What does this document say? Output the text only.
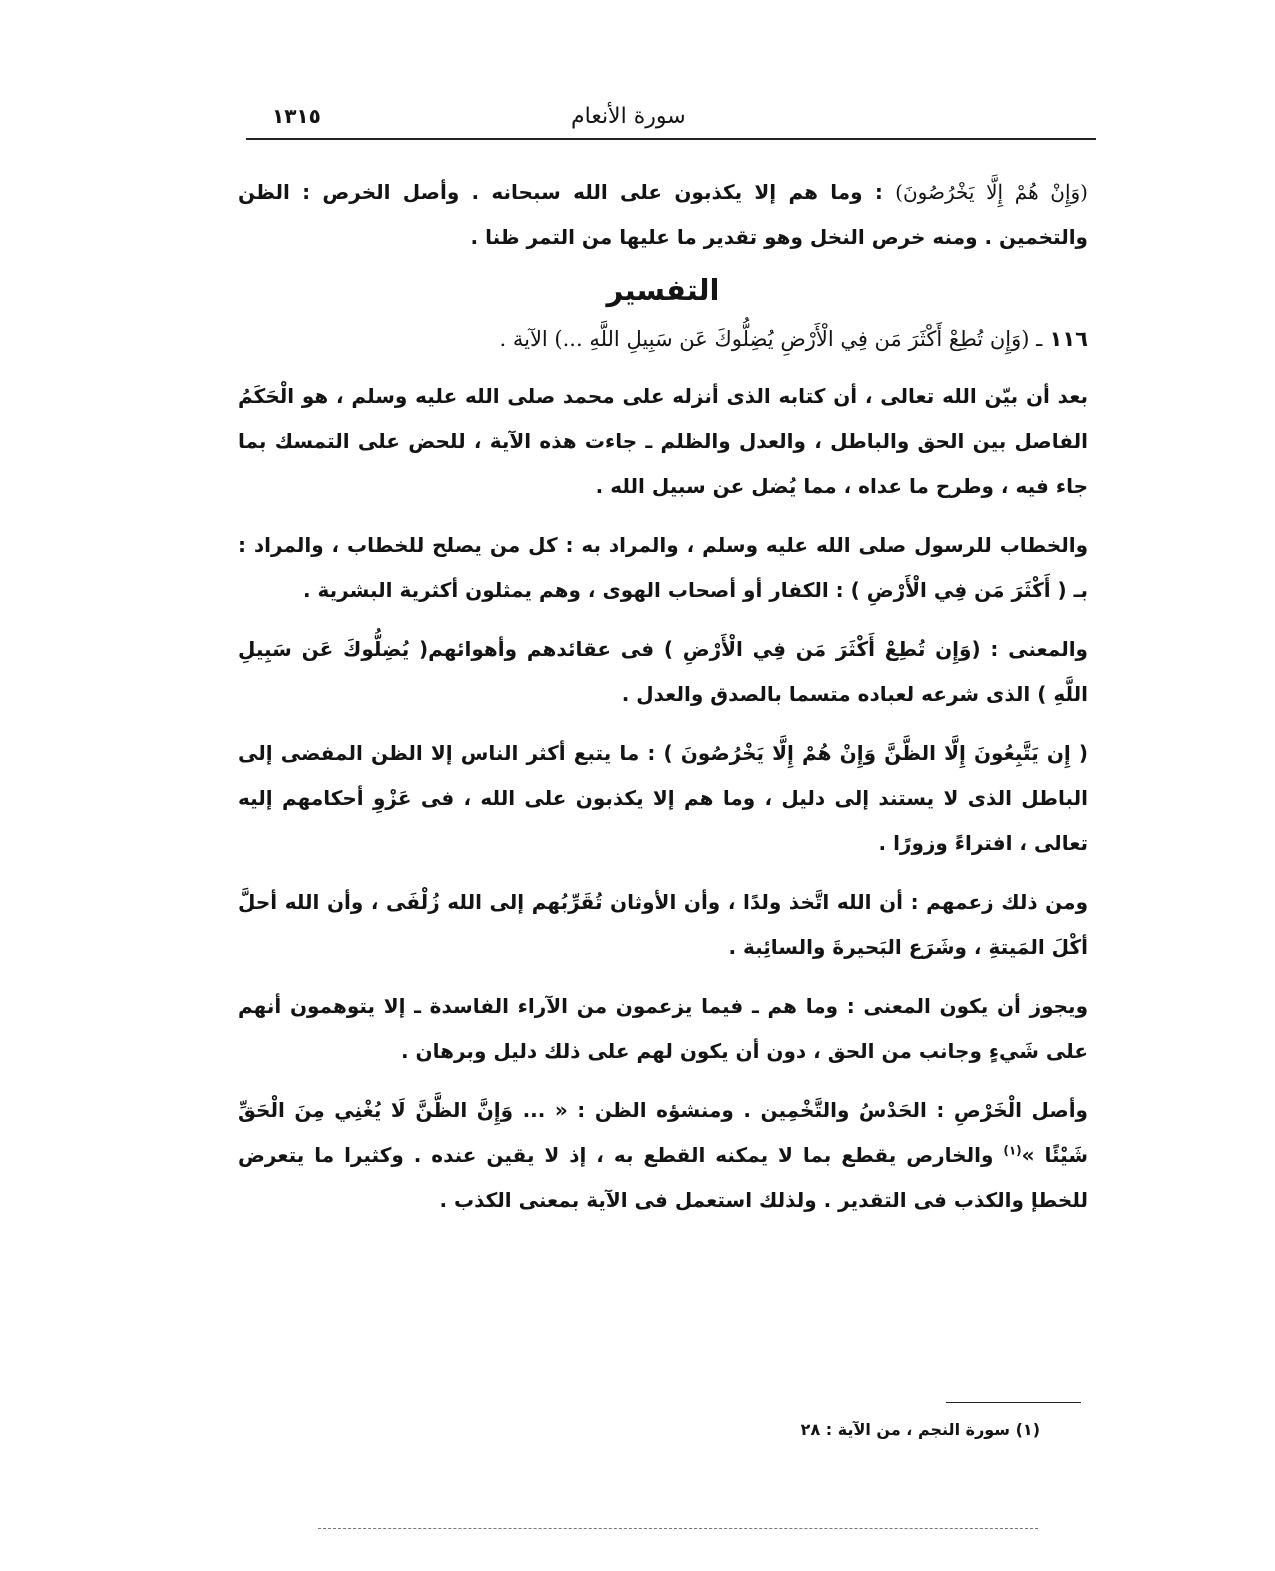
١٣١٥	سورة الأنعام

(وَإِنْ هُمْ إِلَّا يَخْرُصُونَ) : وما هم إلا يكذبون على الله سبحانه . وأصل الخرص : الظن والتخمين . ومنه خرص النخل وهو تقدير ما عليها من التمر ظنا .

التفسير

١١٦ ـ (وَإِن تُطِعْ أَكْثَرَ مَن فِي الْأَرْضِ يُضِلُّوكَ عَن سَبِيلِ اللَّهِ ...) الآية .

بعد أن بيّن الله تعالى ، أن كتابه الذى أنزله على محمد صلى الله عليه وسلم ، هو الْحَكَمُ الفاصل بين الحق والباطل ، والعدل والظلم ـ جاءت هذه الآية ، للحض على التمسك بما جاء فيه ، وطرح ما عداه ، مما يُضل عن سبيل الله .

والخطاب للرسول صلى الله عليه وسلم ، والمراد به : كل من يصلح للخطاب ، والمراد : بـ ( أَكْثَرَ مَن فِي الْأَرْضِ ) : الكفار أو أصحاب الهوى ، وهم يمثلون أكثرية البشرية .

والمعنى : (وَإِن تُطِعْ أَكْثَرَ مَن فِي الْأَرْضِ ) فى عقائدهم وأهوائهم( يُضِلُّوكَ عَن سَبِيلِ اللَّهِ ) الذى شرعه لعباده متسما بالصدق والعدل .

( إِن يَتَّبِعُونَ إِلَّا الظَّنَّ وَإِنْ هُمْ إِلَّا يَخْرُصُونَ ) : ما يتبع أكثر الناس إلا الظن المفضى إلى الباطل الذى لا يستند إلى دليل ، وما هم إلا يكذبون على الله ، فى عَزْوِ أحكامهم إليه تعالى ، افتراءً وزورًا .

ومن ذلك زعمهم : أن الله اتَّخذ ولدًا ، وأن الأوثان تُقَرِّبُهم إلى الله زُلْفَى ، وأن الله أحلَّ أكْلَ المَيتةِ ، وشَرَع البَحيرةَ والسائِبة .

ويجوز أن يكون المعنى : وما هم ـ فيما يزعمون من الآراء الفاسدة ـ إلا يتوهمون أنهم على شَيءٍ وجانب من الحق ، دون أن يكون لهم على ذلك دليل وبرهان .

وأصل الْخَرْصِ : الحَدْسُ والتَّخْمِين . ومنشؤه الظن : « ... وَإِنَّ الظَّنَّ لَا يُغْنِي مِنَ الْحَقِّ شَيْئًا »$^{(١)}$ والخارص يقطع بما لا يمكنه القطع به ، إذ لا يقين عنده . وكثيرا ما يتعرض للخطإ والكذب فى التقدير . ولذلك استعمل فى الآية بمعنى الكذب .

(١) سورة النجم ، من الآية : ٢٨
